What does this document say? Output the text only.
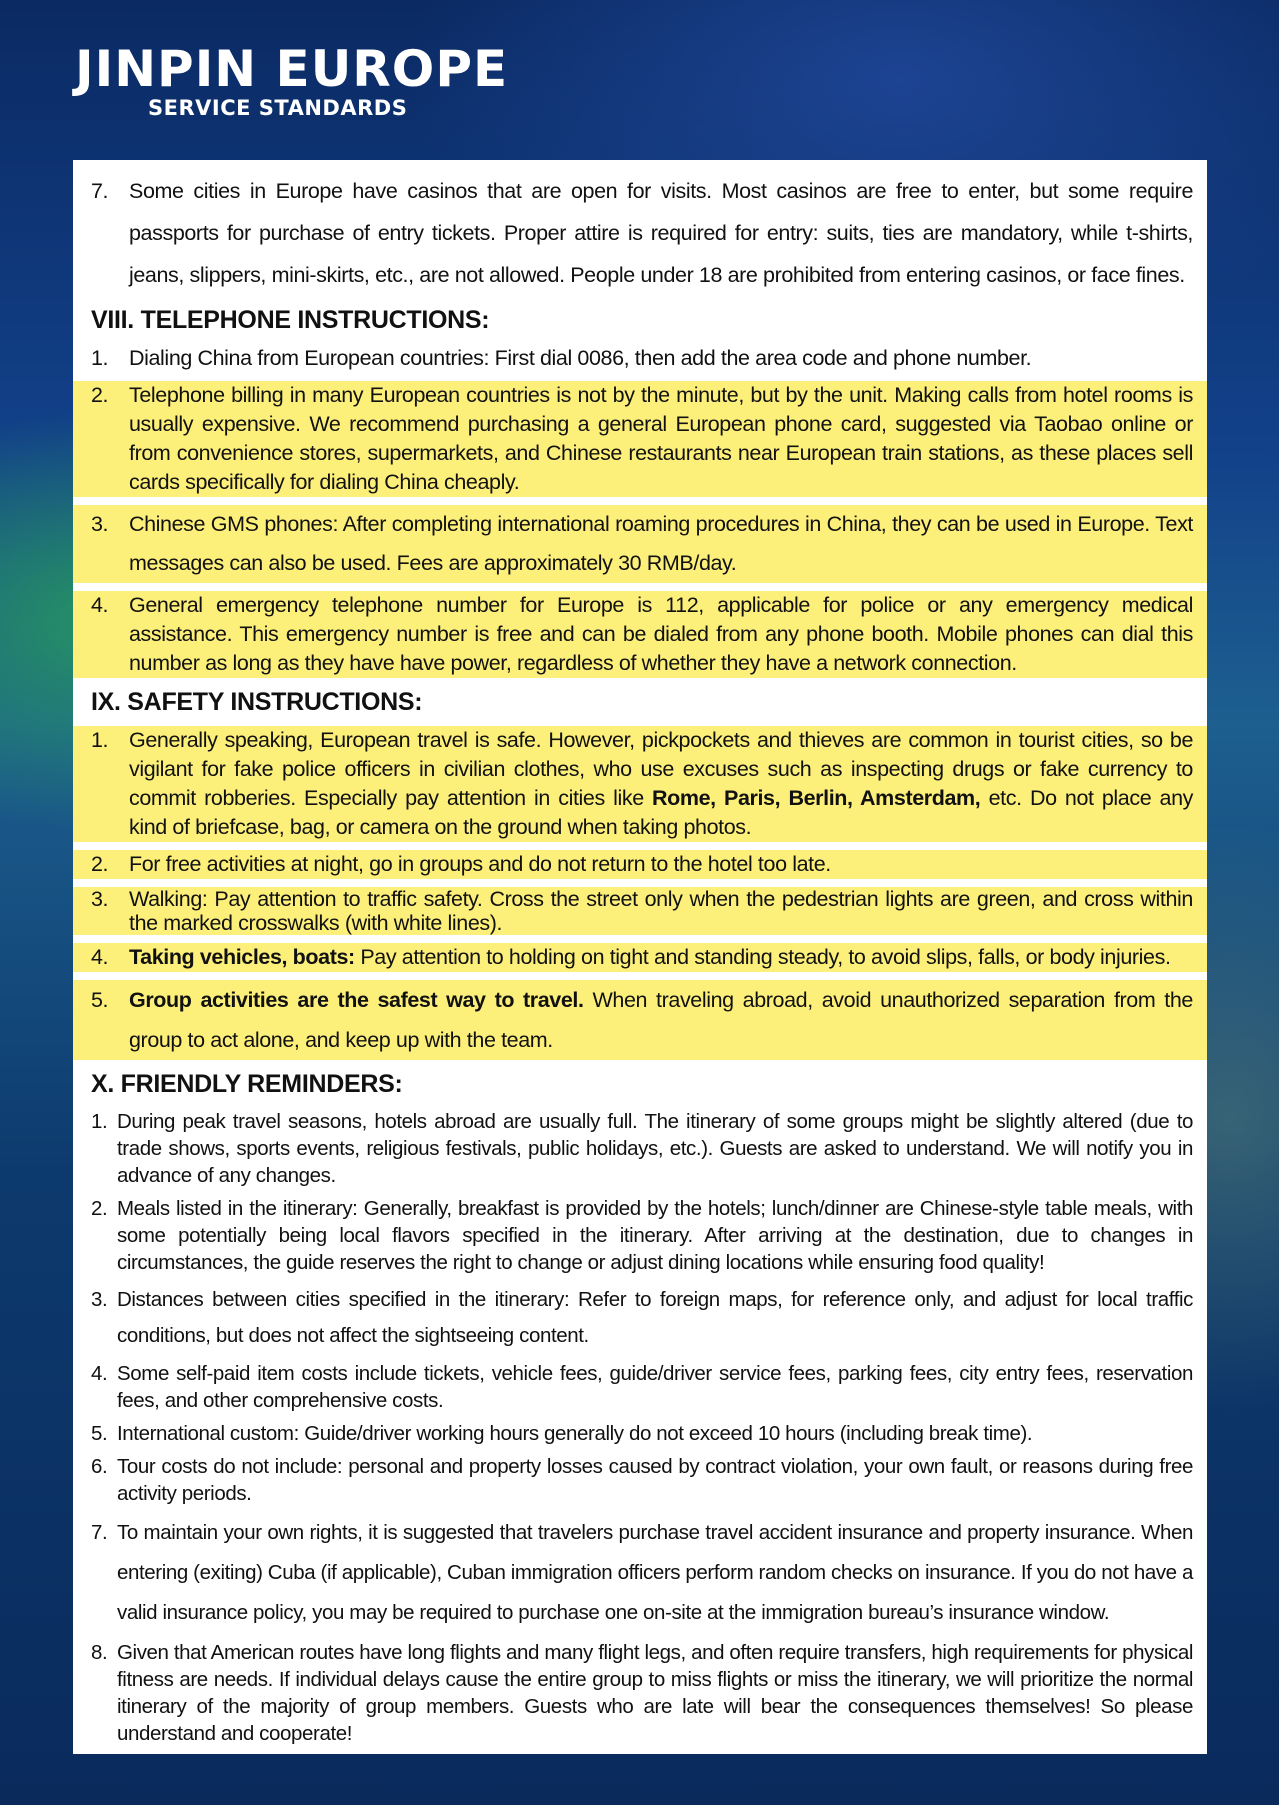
JINPIN EUROPE
SERVICE STANDARDS
7. Some cities in Europe have casinos that are open for visits. Most casinos are free to enter, but some require passports for purchase of entry tickets. Proper attire is required for entry: suits, ties are mandatory, while t-shirts, jeans, slippers, mini-skirts, etc., are not allowed. People under 18 are prohibited from entering casinos, or face fines.
VIII. TELEPHONE INSTRUCTIONS:
1. Dialing China from European countries: First dial 0086, then add the area code and phone number.
2. Telephone billing in many European countries is not by the minute, but by the unit. Making calls from hotel rooms is usually expensive. We recommend purchasing a general European phone card, suggested via Taobao online or from convenience stores, supermarkets, and Chinese restaurants near European train stations, as these places sell cards specifically for dialing China cheaply.
3. Chinese GMS phones: After completing international roaming procedures in China, they can be used in Europe. Text messages can also be used. Fees are approximately 30 RMB/day.
4. General emergency telephone number for Europe is 112, applicable for police or any emergency medical assistance. This emergency number is free and can be dialed from any phone booth. Mobile phones can dial this number as long as they have have power, regardless of whether they have a network connection.
IX. SAFETY INSTRUCTIONS:
1. Generally speaking, European travel is safe. However, pickpockets and thieves are common in tourist cities, so be vigilant for fake police officers in civilian clothes, who use excuses such as inspecting drugs or fake currency to commit robberies. Especially pay attention in cities like Rome, Paris, Berlin, Amsterdam, etc. Do not place any kind of briefcase, bag, or camera on the ground when taking photos.
2. For free activities at night, go in groups and do not return to the hotel too late.
3. Walking: Pay attention to traffic safety. Cross the street only when the pedestrian lights are green, and cross within the marked crosswalks (with white lines).
4. Taking vehicles, boats: Pay attention to holding on tight and standing steady, to avoid slips, falls, or body injuries.
5. Group activities are the safest way to travel. When traveling abroad, avoid unauthorized separation from the group to act alone, and keep up with the team.
X. FRIENDLY REMINDERS:
1. During peak travel seasons, hotels abroad are usually full. The itinerary of some groups might be slightly altered (due to trade shows, sports events, religious festivals, public holidays, etc.). Guests are asked to understand. We will notify you in advance of any changes.
2. Meals listed in the itinerary: Generally, breakfast is provided by the hotels; lunch/dinner are Chinese-style table meals, with some potentially being local flavors specified in the itinerary. After arriving at the destination, due to changes in circumstances, the guide reserves the right to change or adjust dining locations while ensuring food quality!
3. Distances between cities specified in the itinerary: Refer to foreign maps, for reference only, and adjust for local traffic conditions, but does not affect the sightseeing content.
4. Some self-paid item costs include tickets, vehicle fees, guide/driver service fees, parking fees, city entry fees, reservation fees, and other comprehensive costs.
5. International custom: Guide/driver working hours generally do not exceed 10 hours (including break time).
6. Tour costs do not include: personal and property losses caused by contract violation, your own fault, or reasons during free activity periods.
7. To maintain your own rights, it is suggested that travelers purchase travel accident insurance and property insurance. When entering (exiting) Cuba (if applicable), Cuban immigration officers perform random checks on insurance. If you do not have a valid insurance policy, you may be required to purchase one on-site at the immigration bureau’s insurance window.
8. Given that American routes have long flights and many flight legs, and often require transfers, high requirements for physical fitness are needs. If individual delays cause the entire group to miss flights or miss the itinerary, we will prioritize the normal itinerary of the majority of group members. Guests who are late will bear the consequences themselves! So please understand and cooperate!
